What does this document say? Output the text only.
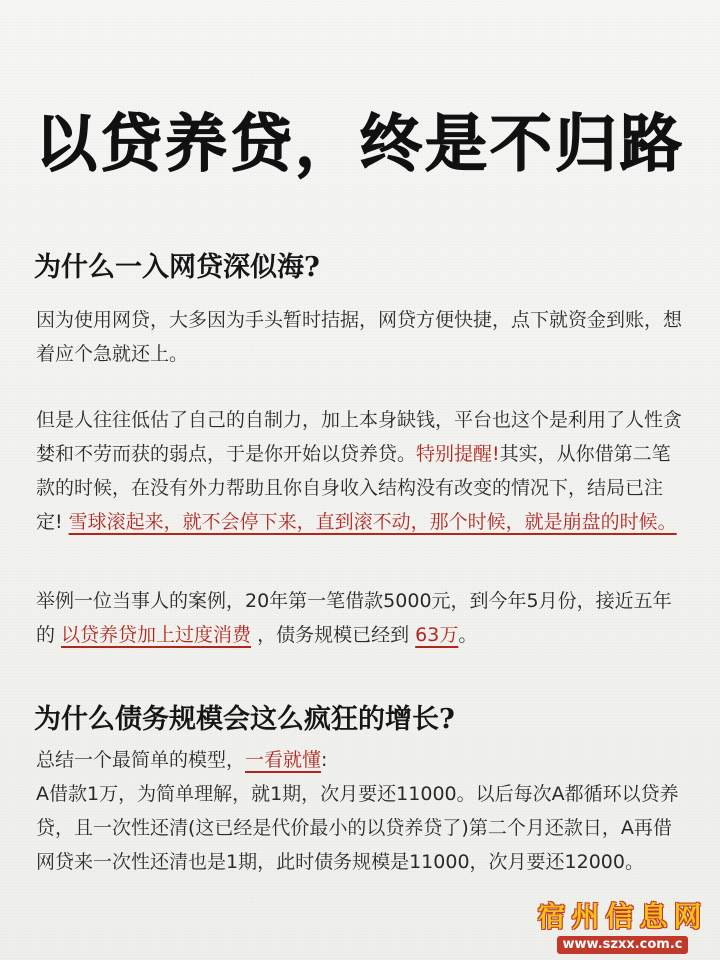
以贷养贷，终是不归路
为什么一入网贷深似海?
因为使用网贷，大多因为手头暂时拮据，网贷方便快捷，点下就资金到账，想着应个急就还上。
但是人往往低估了自己的自制力，加上本身缺钱，平台也这个是利用了人性贪婪和不劳而获的弱点，于是你开始以贷养贷。特别提醒!其实，从你借第二笔款的时候，在没有外力帮助且你自身收入结构没有改变的情况下，结局已注定! 雪球滚起来，就不会停下来，直到滚不动，那个时候，就是崩盘的时候。
举例一位当事人的案例，20年第一笔借款5000元，到今年5月份，接近五年的 以贷养贷加上过度消费 ，债务规模已经到 63万。
为什么债务规模会这么疯狂的增长?
总结一个最简单的模型，一看就懂:
A借款1万，为简单理解，就1期，次月要还11000。以后每次A都循环以贷养贷，且一次性还清(这已经是代价最小的以贷养贷了)第二个月还款日，A再借网贷来一次性还清也是1期，此时债务规模是11000，次月要还12000。
宿州信息网
www.szxx.com.c
